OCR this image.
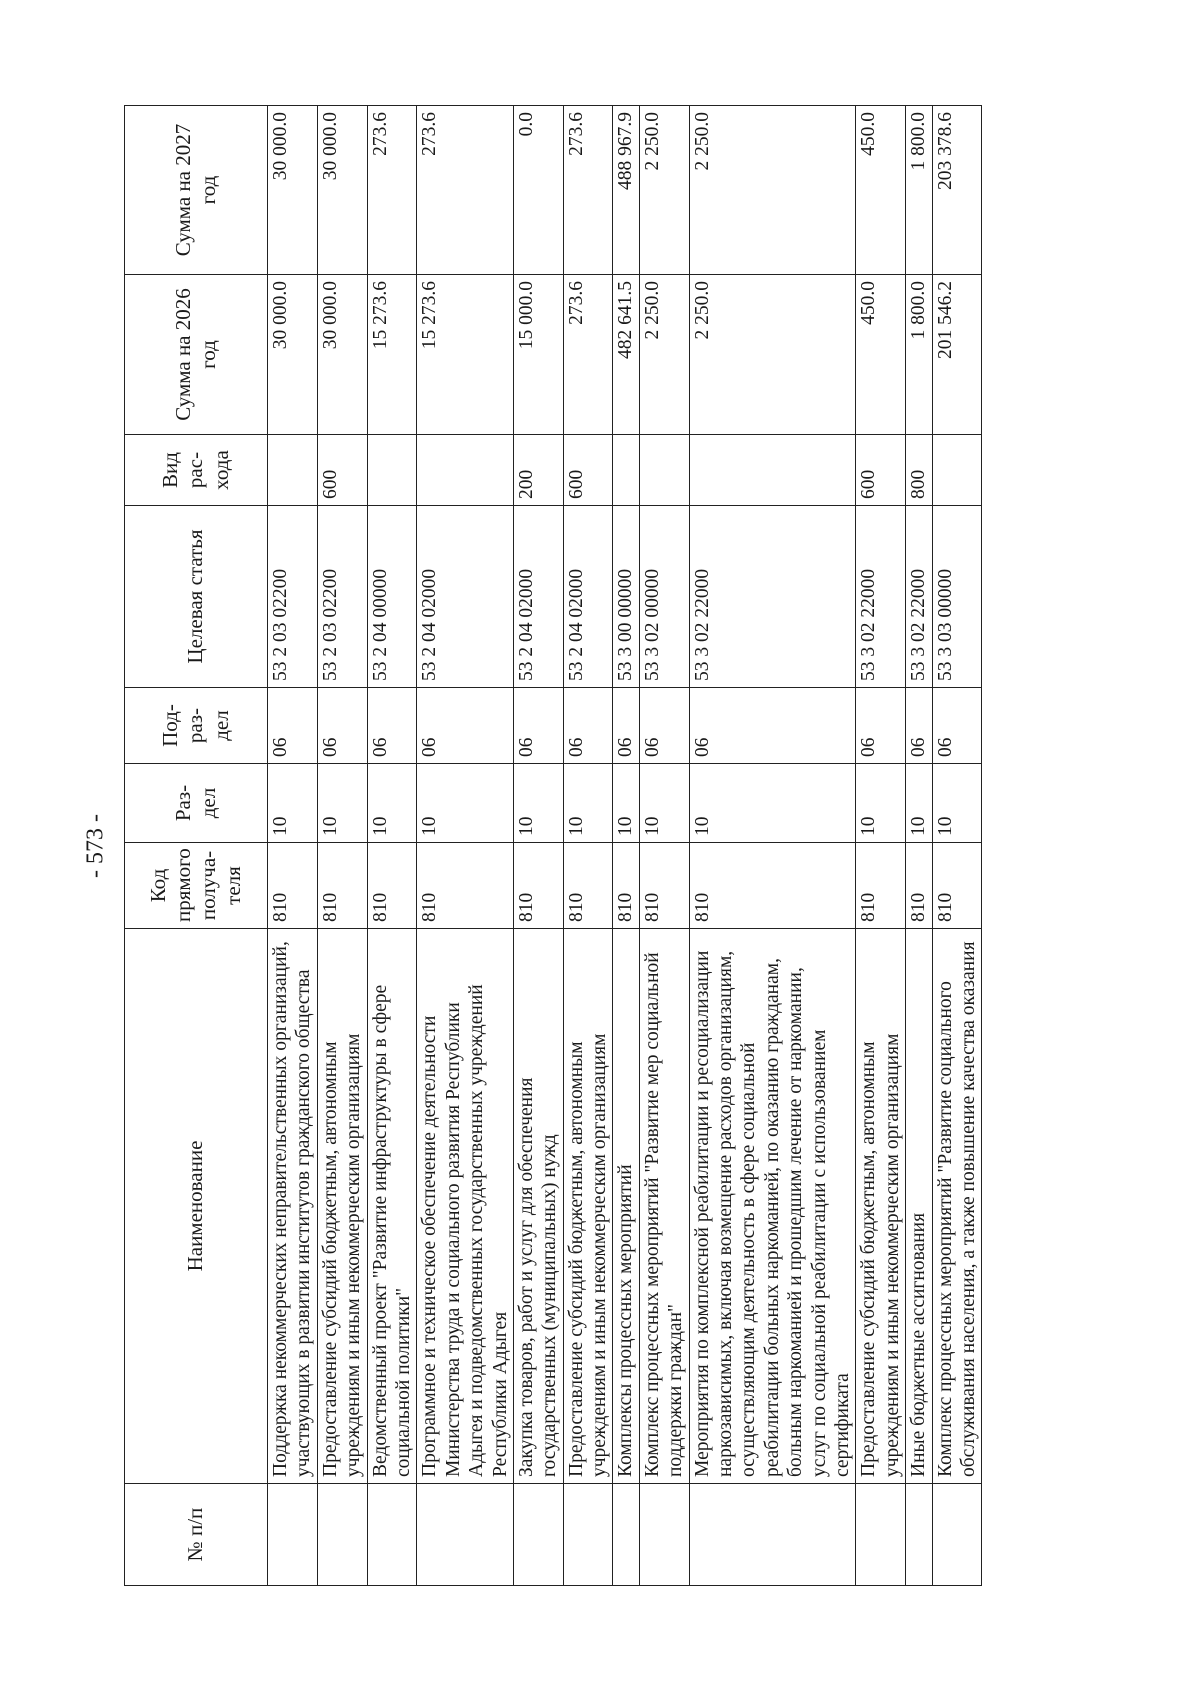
- 573 -
№ п/п	Наименование	Код прямого получа-теля	Раз-дел	Под-раз-дел	Целевая статья	Вид рас-хода	Сумма на 2026 год	Сумма на 2027 год
	Поддержка некоммерческих неправительственных организаций, участвующих в развитии институтов гражданского общества	810	10	06	53 2 03 02200		30 000.0	30 000.0
	Предоставление субсидий бюджетным, автономным учреждениям и иным некоммерческим организациям	810	10	06	53 2 03 02200	600	30 000.0	30 000.0
	Ведомственный проект "Развитие инфраструктуры в сфере социальной политики"	810	10	06	53 2 04 00000		15 273.6	273.6
	Программное и техническое обеспечение деятельности Министерства труда и социального развития Республики Адыгея и подведомственных государственных учреждений Республики Адыгея	810	10	06	53 2 04 02000		15 273.6	273.6
	Закупка товаров, работ и услуг для обеспечения государственных (муниципальных) нужд	810	10	06	53 2 04 02000	200	15 000.0	0.0
	Предоставление субсидий бюджетным, автономным учреждениям и иным некоммерческим организациям	810	10	06	53 2 04 02000	600	273.6	273.6
	Комплексы процессных мероприятий	810	10	06	53 3 00 00000		482 641.5	488 967.9
	Комплекс процессных мероприятий "Развитие мер социальной поддержки граждан"	810	10	06	53 3 02 00000		2 250.0	2 250.0
	Мероприятия по комплексной реабилитации и ресоциализации наркозависимых, включая возмещение расходов организациям, осуществляющим деятельность в сфере социальной реабилитации больных наркоманией, по оказанию гражданам, больным наркоманией и прошедшим лечение от наркомании, услуг по социальной реабилитации с использованием сертификата	810	10	06	53 3 02 22000		2 250.0	2 250.0
	Предоставление субсидий бюджетным, автономным учреждениям и иным некоммерческим организациям	810	10	06	53 3 02 22000	600	450.0	450.0
	Иные бюджетные ассигнования	810	10	06	53 3 02 22000	800	1 800.0	1 800.0
	Комплекс процессных мероприятий "Развитие социального обслуживания населения, а также повышение качества оказания	810	10	06	53 3 03 00000		201 546.2	203 378.6
